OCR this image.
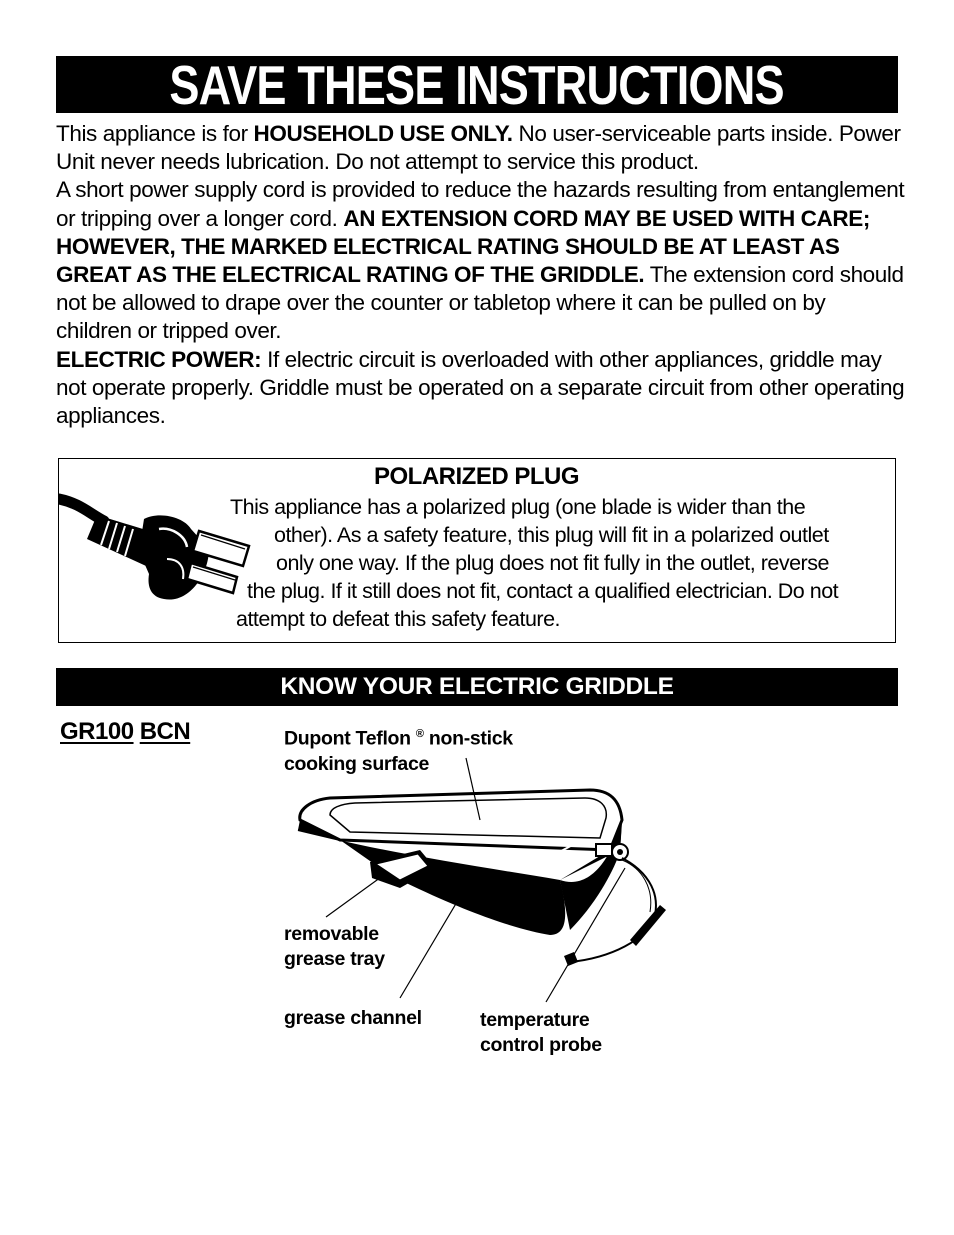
SAVE THESE INSTRUCTIONS

This appliance is for HOUSEHOLD USE ONLY. No user-serviceable parts inside. Power Unit never needs lubrication. Do not attempt to service this product.

A short power supply cord is provided to reduce the hazards resulting from entanglement or tripping over a longer cord. AN EXTENSION CORD MAY BE USED WITH CARE; HOWEVER, THE MARKED ELECTRICAL RATING SHOULD BE AT LEAST AS GREAT AS THE ELECTRICAL RATING OF THE GRIDDLE. The extension cord should not be allowed to drape over the counter or tabletop where it can be pulled on by children or tripped over.

ELECTRIC POWER: If electric circuit is overloaded with other appliances, griddle may not operate properly. Griddle must be operated on a separate circuit from other operating appliances.

POLARIZED PLUG
This appliance has a polarized plug (one blade is wider than the
other). As a safety feature, this plug will fit in a polarized outlet
only one way. If the plug does not fit fully in the outlet, reverse
the plug. If it still does not fit, contact a qualified electrician. Do not
attempt to defeat this safety feature.
KNOW YOUR ELECTRIC GRIDDLE
GR100 BCN	Dupont Teflon ® non-stick
cooking surface
removable
grease tray
grease channel	temperature
control probe
